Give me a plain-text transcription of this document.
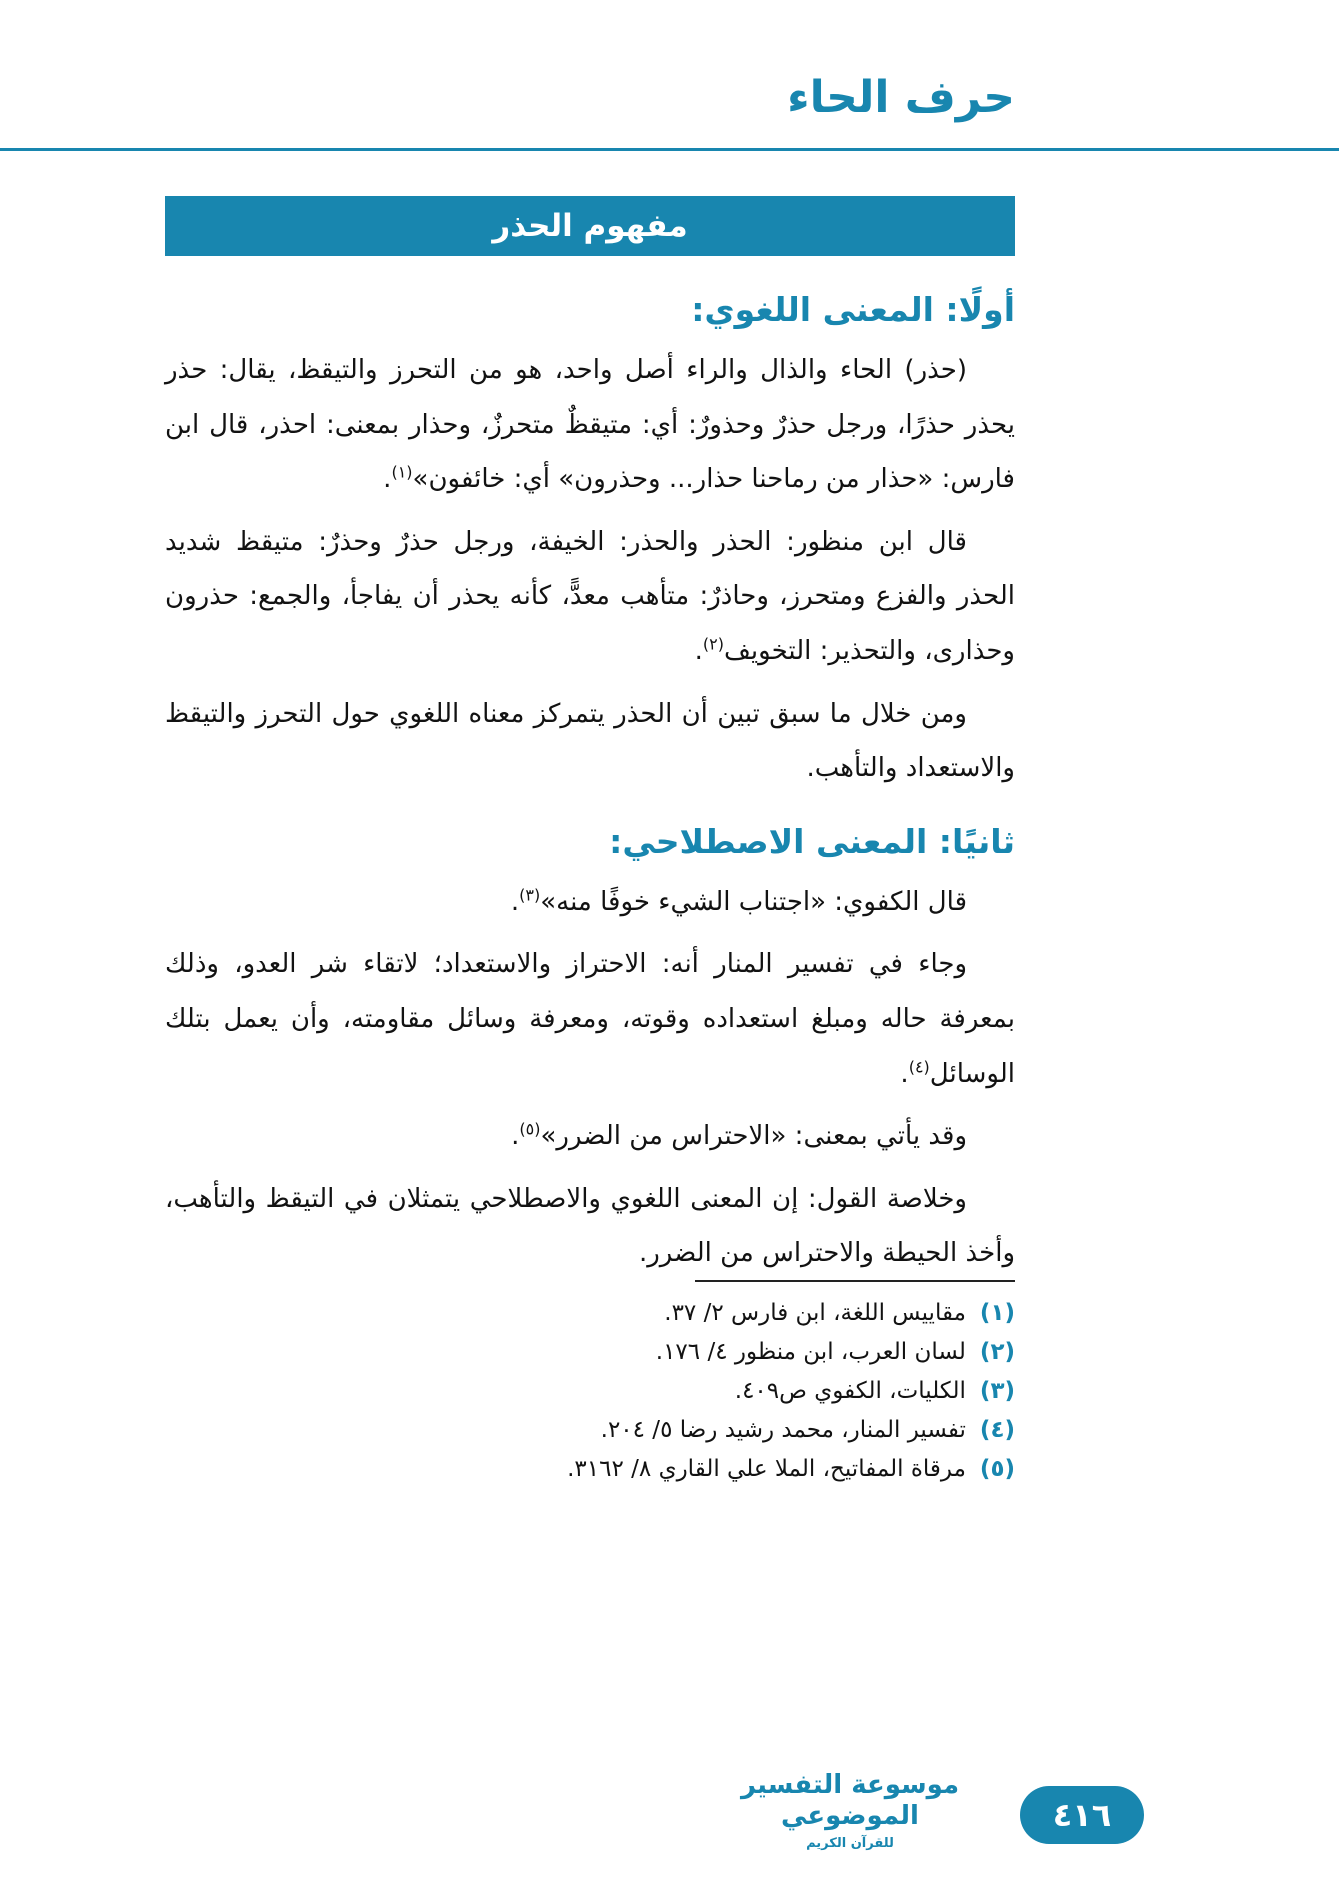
حرف الحاء
مفهوم الحذر
أولًا: المعنى اللغوي:

(حذر) الحاء والذال والراء أصل واحد، هو من التحرز والتيقظ، يقال: حذر يحذر حذرًا، ورجل حذرٌ وحذورٌ: أي: متيقظٌ متحرزٌ، وحذار بمعنى: احذر، قال ابن فارس: «حذار من رماحنا حذار... وحذرون» أي: خائفون»$^{(١)}$.

قال ابن منظور: الحذر والحذر: الخيفة، ورجل حذرٌ وحذرٌ: متيقظ شديد الحذر والفزع ومتحرز، وحاذرٌ: متأهب معدًّ، كأنه يحذر أن يفاجأ، والجمع: حذرون وحذارى، والتحذير: التخويف$^{(٢)}$.

ومن خلال ما سبق تبين أن الحذر يتمركز معناه اللغوي حول التحرز والتيقظ والاستعداد والتأهب.

ثانيًا: المعنى الاصطلاحي:

قال الكفوي: «اجتناب الشيء خوفًا منه»$^{(٣)}$.

وجاء في تفسير المنار أنه: الاحتراز والاستعداد؛ لاتقاء شر العدو، وذلك بمعرفة حاله ومبلغ استعداده وقوته، ومعرفة وسائل مقاومته، وأن يعمل بتلك الوسائل$^{(٤)}$.

وقد يأتي بمعنى: «الاحتراس من الضرر»$^{(٥)}$.

وخلاصة القول: إن المعنى اللغوي والاصطلاحي يتمثلان في التيقظ والتأهب، وأخذ الحيطة والاحتراس من الضرر.

(١)مقاييس اللغة، ابن فارس ٢/ ٣٧.
(٢)لسان العرب، ابن منظور ٤/ ١٧٦.
(٣)الكليات، الكفوي ص٤٠٩.
(٤)تفسير المنار، محمد رشيد رضا ٥/ ٢٠٤.
(٥)مرقاة المفاتيح، الملا علي القاري ٨/ ٣١٦٢.
موسوعة التفسير الموضوعي
للقرآن الكريم
٤١٦
